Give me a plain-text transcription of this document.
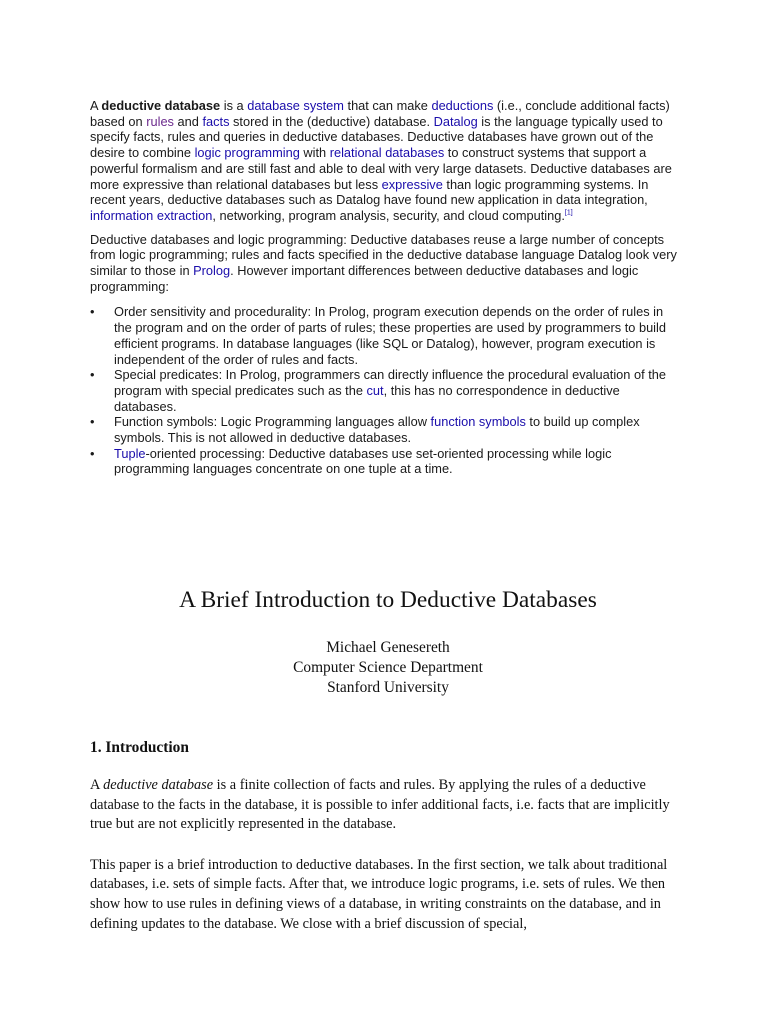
A deductive database is a database system that can make deductions (i.e., conclude additional facts) based on rules and facts stored in the (deductive) database. Datalog is the language typically used to specify facts, rules and queries in deductive databases. Deductive databases have grown out of the desire to combine logic programming with relational databases to construct systems that support a powerful formalism and are still fast and able to deal with very large datasets. Deductive databases are more expressive than relational databases but less expressive than logic programming systems. In recent years, deductive databases such as Datalog have found new application in data integration, information extraction, networking, program analysis, security, and cloud computing.[1]

Deductive databases and logic programming: Deductive databases reuse a large number of concepts from logic programming; rules and facts specified in the deductive database language Datalog look very similar to those in Prolog. However important differences between deductive databases and logic programming:

• Order sensitivity and procedurality: In Prolog, program execution depends on the order of rules in the program and on the order of parts of rules; these properties are used by programmers to build efficient programs. In database languages (like SQL or Datalog), however, program execution is independent of the order of rules and facts.
• Special predicates: In Prolog, programmers can directly influence the procedural evaluation of the program with special predicates such as the cut, this has no correspondence in deductive databases.
• Function symbols: Logic Programming languages allow function symbols to build up complex symbols. This is not allowed in deductive databases.
• Tuple-oriented processing: Deductive databases use set-oriented processing while logic programming languages concentrate on one tuple at a time.
A Brief Introduction to Deductive Databases
Michael Genesereth
Computer Science Department
Stanford University
1. Introduction

A deductive database is a finite collection of facts and rules. By applying the rules of a deductive database to the facts in the database, it is possible to infer additional facts, i.e. facts that are implicitly true but are not explicitly represented in the database.

This paper is a brief introduction to deductive databases. In the first section, we talk about traditional databases, i.e. sets of simple facts. After that, we introduce logic programs, i.e. sets of rules. We then show how to use rules in defining views of a database, in writing constraints on the database, and in defining updates to the database. We close with a brief discussion of special,
